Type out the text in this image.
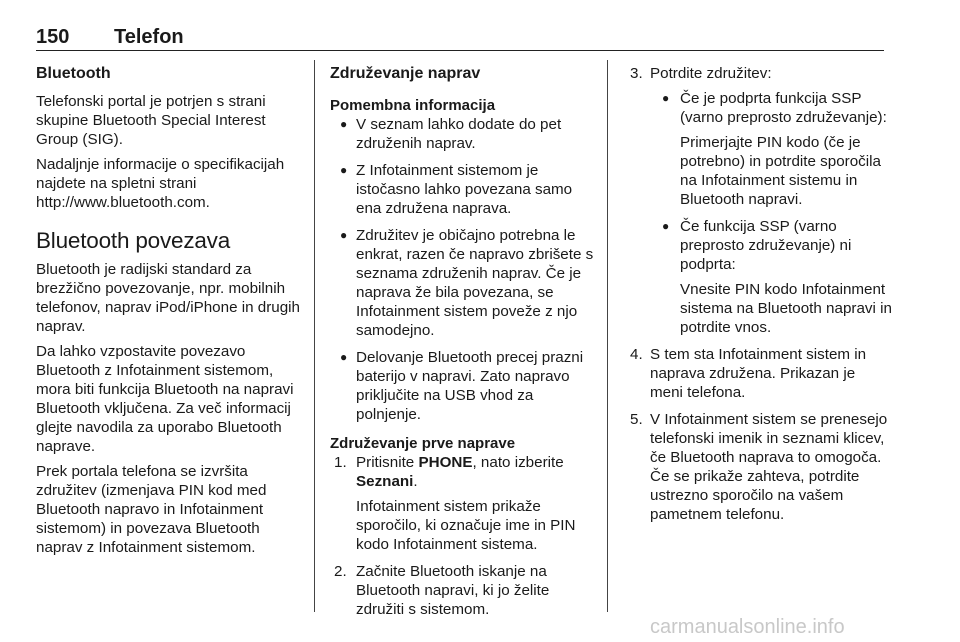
150 Telefon
Bluetooth

Telefonski portal je potrjen s strani skupine Bluetooth Special Interest Group (SIG).

Nadaljnje informacije o specifikacijah najdete na spletni strani http://www.bluetooth.com.

Bluetooth povezava

Bluetooth je radijski standard za brezžično povezovanje, npr. mobilnih telefonov, naprav iPod/iPhone in drugih naprav.

Da lahko vzpostavite povezavo Bluetooth z Infotainment sistemom, mora biti funkcija Bluetooth na napravi Bluetooth vključena. Za več informacij glejte navodila za uporabo Bluetooth naprave.

Prek portala telefona se izvršita združitev (izmenjava PIN kod med Bluetooth napravo in Infotainment sistemom) in povezava Bluetooth naprav z Infotainment sistemom.

Združevanje naprav
Pomembna informacija
● V seznam lahko dodate do pet združenih naprav.
● Z Infotainment sistemom je istočasno lahko povezana samo ena združena naprava.
● Združitev je običajno potrebna le enkrat, razen če napravo zbrišete s seznama združenih naprav. Če je naprava že bila povezana, se Infotainment sistem poveže z njo samodejno.
● Delovanje Bluetooth precej prazni baterijo v napravi. Zato napravo priključite na USB vhod za polnjenje.
Združevanje prve naprave
1. Pritisnite PHONE, nato izberite Seznani.
Infotainment sistem prikaže sporočilo, ki označuje ime in PIN kodo Infotainment sistema.
2. Začnite Bluetooth iskanje na Bluetooth napravi, ki jo želite združiti s sistemom.
3. Potrdite združitev:
● Če je podprta funkcija SSP (varno preprosto združevanje):
Primerjajte PIN kodo (če je potrebno) in potrdite sporočila na Infotainment sistemu in Bluetooth napravi.
● Če funkcija SSP (varno preprosto združevanje) ni podprta:
Vnesite PIN kodo Infotainment sistema na Bluetooth napravi in potrdite vnos.
4. S tem sta Infotainment sistem in naprava združena. Prikazan je meni telefona.
5. V Infotainment sistem se prenesejo telefonski imenik in seznami klicev, če Bluetooth naprava to omogoča. Če se prikaže zahteva, potrdite ustrezno sporočilo na vašem pametnem telefonu.
carmanualsonline.info
